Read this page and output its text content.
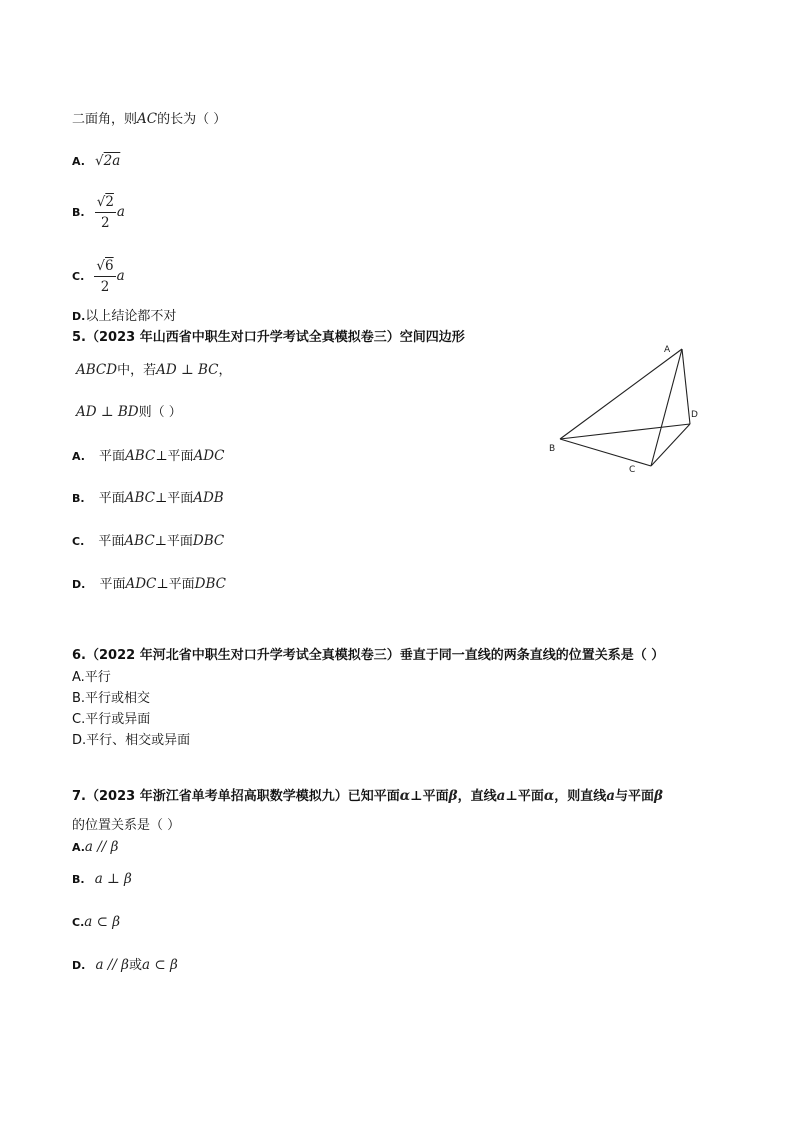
二面角，则AC的长为（ ）
A. √2a
B. $\frac{√2}{2}$ a
C. $\frac{√6}{2}$ a
D.以上结论都不对
5.（2023 年山西省中职生对口升学考试全真模拟卷三）空间四边形
ABCD中，若AD ⊥ BC，
AD ⊥ BD则（ ）
A. 平面ABC⊥平面ADC
B. 平面ABC⊥平面ADB
C. 平面ABC⊥平面DBC
D. 平面ADC⊥平面DBC
A
B
C
D
6.（2022 年河北省中职生对口升学考试全真模拟卷三）垂直于同一直线的两条直线的位置关系是（ ）
A.平行
B.平行或相交
C.平行或异面
D.平行、相交或异面
7.（2023 年浙江省单考单招高职数学模拟九）已知平面α⊥平面β，直线a⊥平面α，则直线a与平面β
的位置关系是（ ）
A.a // β
B. a ⊥ β
C.a ⊂ β
D. a // β或a ⊂ β
